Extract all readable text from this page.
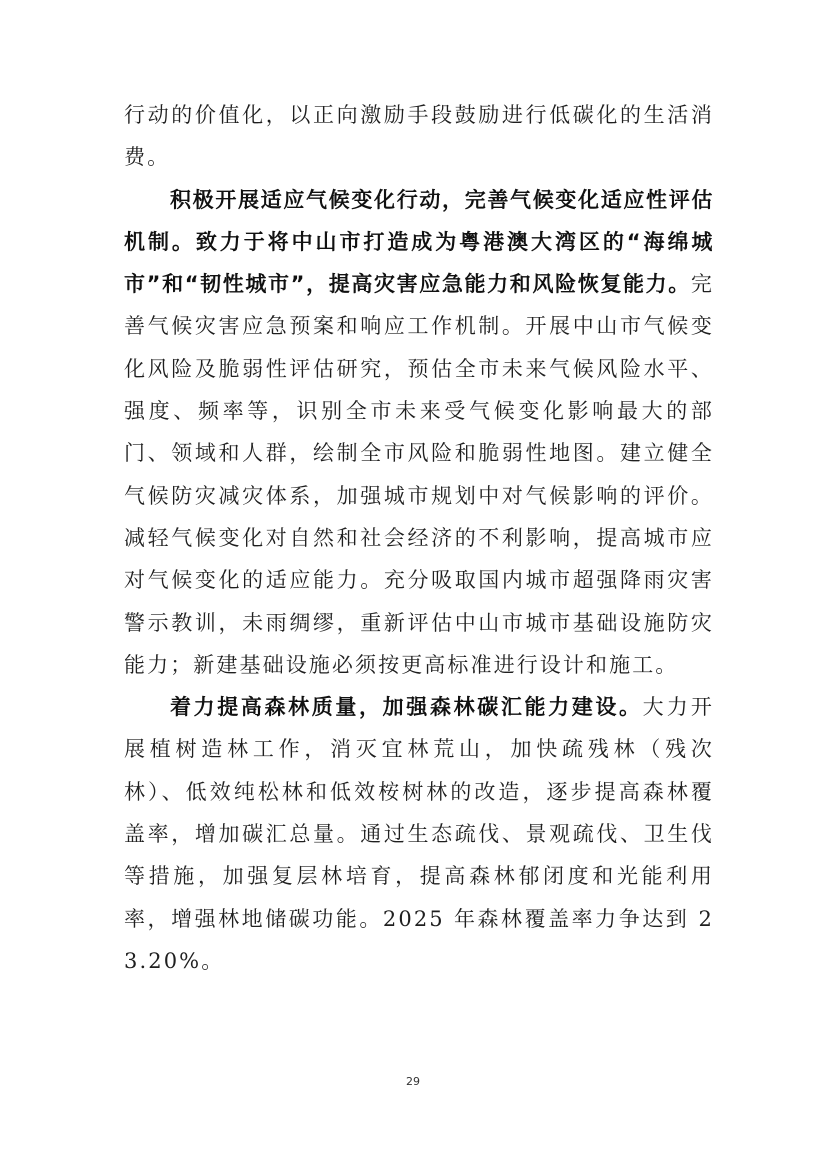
行动的价值化，以正向激励手段鼓励进行低碳化的生活消费。

积极开展适应气候变化行动，完善气候变化适应性评估机制。致力于将中山市打造成为粤港澳大湾区的“海绵城市”和“韧性城市”，提高灾害应急能力和风险恢复能力。完善气候灾害应急预案和响应工作机制。开展中山市气候变化风险及脆弱性评估研究，预估全市未来气候风险水平、强度、频率等，识别全市未来受气候变化影响最大的部门、领域和人群，绘制全市风险和脆弱性地图。建立健全气候防灾减灾体系，加强城市规划中对气候影响的评价。减轻气候变化对自然和社会经济的不利影响，提高城市应对气候变化的适应能力。充分吸取国内城市超强降雨灾害警示教训，未雨绸缪，重新评估中山市城市基础设施防灾能力；新建基础设施必须按更高标准进行设计和施工。

着力提高森林质量，加强森林碳汇能力建设。大力开展植树造林工作，消灭宜林荒山，加快疏残林（残次林）、低效纯松林和低效桉树林的改造，逐步提高森林覆盖率，增加碳汇总量。通过生态疏伐、景观疏伐、卫生伐等措施，加强复层林培育，提高森林郁闭度和光能利用率，增强林地储碳功能。2025 年森林覆盖率力争达到 23.20%。

29
